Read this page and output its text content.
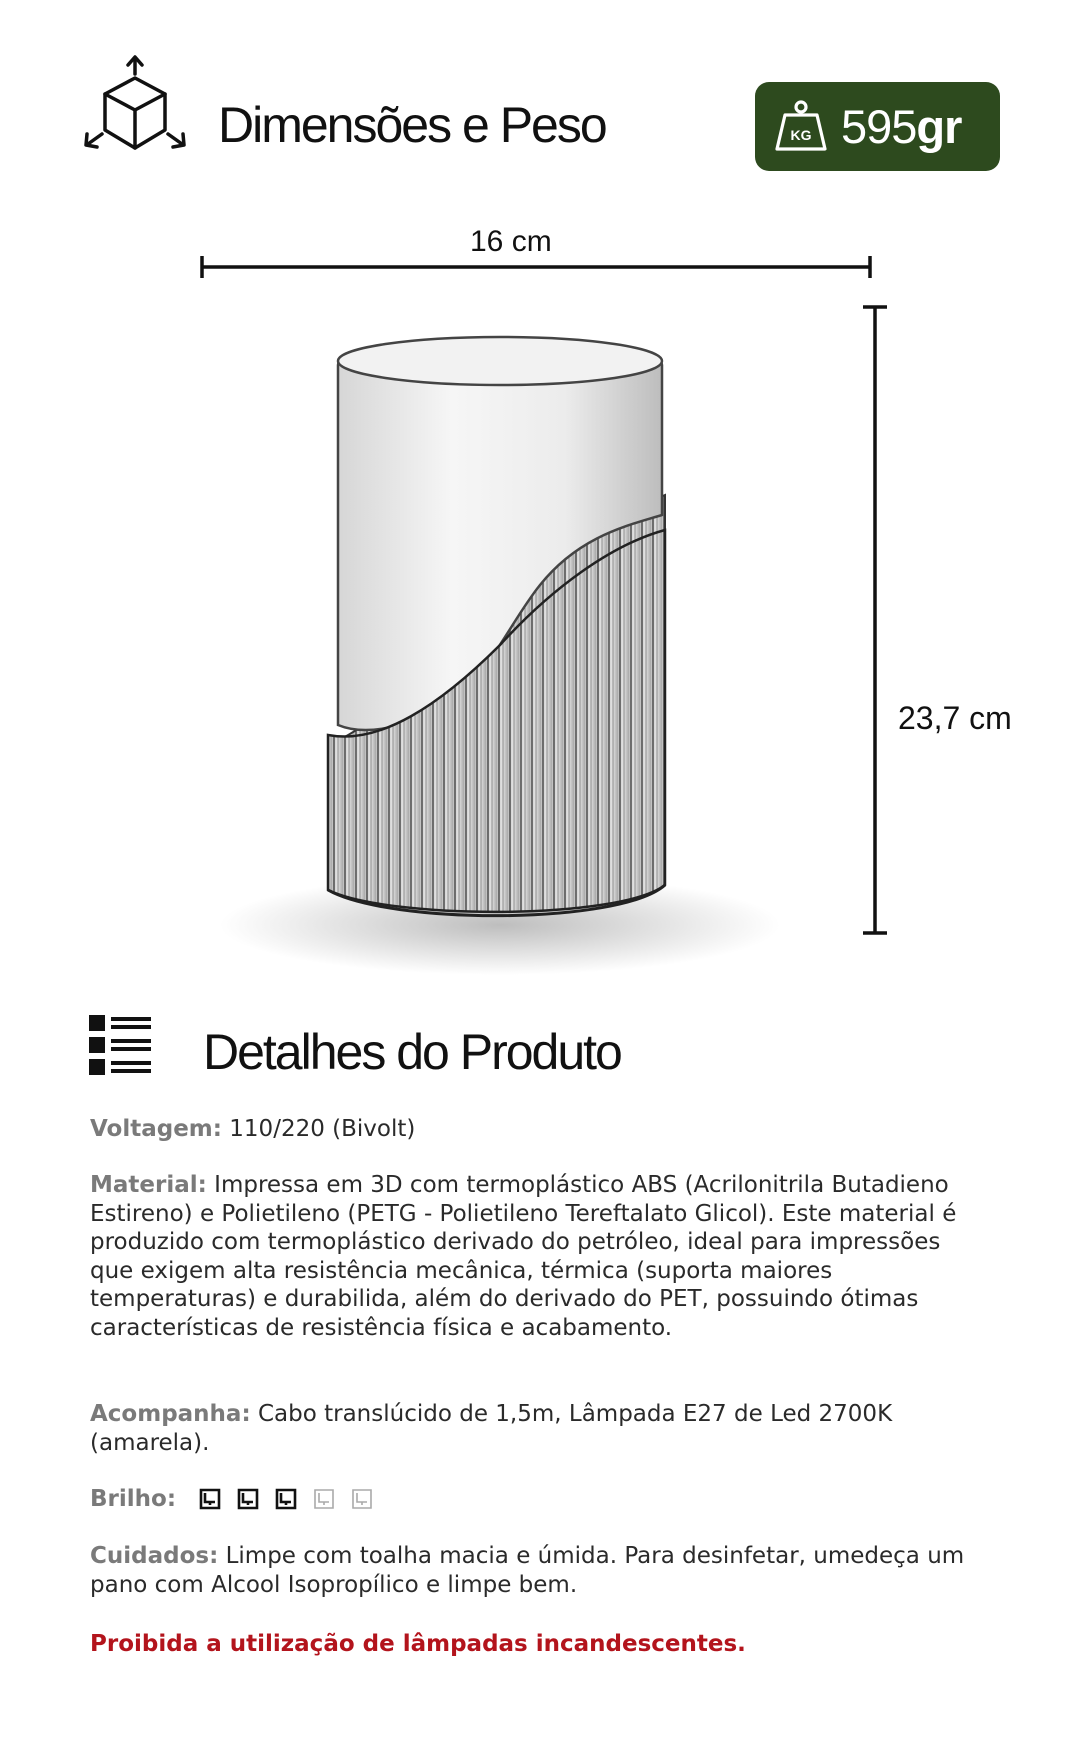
Dimensões e Peso	KG 595gr
16 cm
23,7 cm
Detalhes do Produto

Voltagem: 110/220 (Bivolt)

Material: Impressa em 3D com termoplástico ABS (Acrilonitrila Butadieno Estireno) e Polietileno (PETG - Polietileno Tereftalato Glicol). Este material é produzido com termoplástico derivado do petróleo, ideal para impressões que exigem alta resistência mecânica, térmica (suporta maiores temperaturas) e durabilida, além do derivado do PET, possuindo ótimas características de resistência física e acabamento.

Acompanha: Cabo translúcido de 1,5m, Lâmpada E27 de Led 2700K (amarela).

Brilho:

Cuidados: Limpe com toalha macia e úmida. Para desinfetar, umedeça um pano com Alcool Isopropílico e limpe bem.

Proibida a utilização de lâmpadas incandescentes.
